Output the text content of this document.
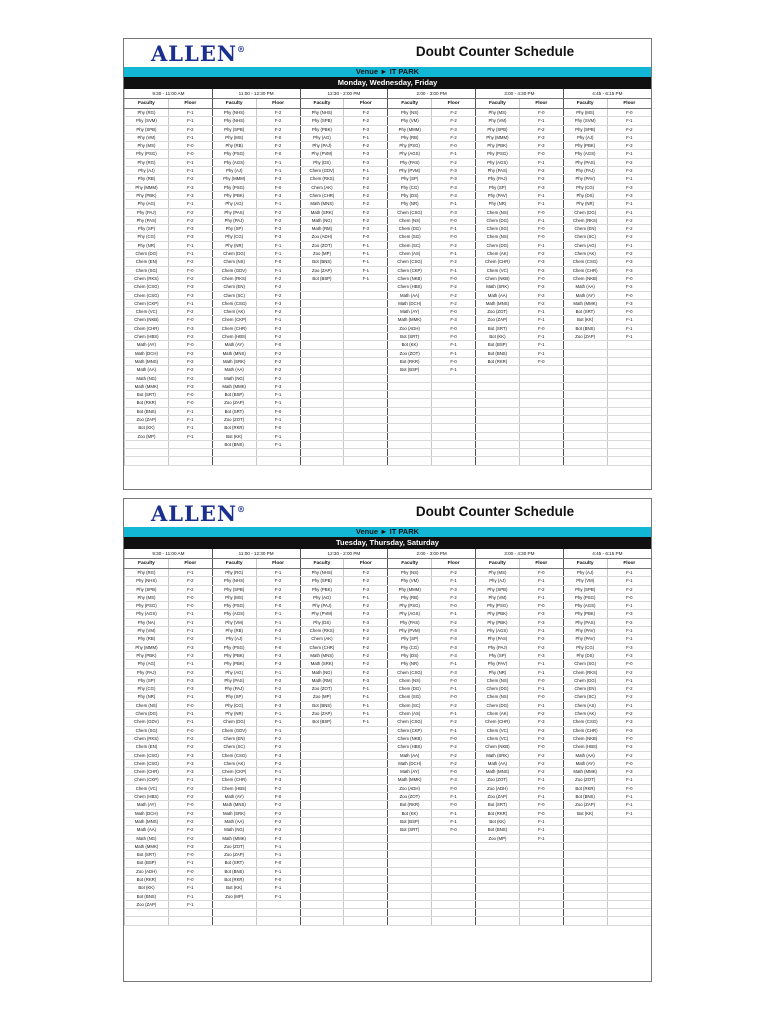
ALLEN®	Doubt Counter Schedule
Venue ► IT PARK
Monday, Wednesday, Friday
9:30 - 11:00 AM		11:00 - 12:30 PM		12:30 - 2:00 PM		2:00 - 3:00 PM		3:00 - 4:30 PM		4:45 - 6:15 PM	
Faculty	Floor	Faculty	Floor	Faculty	Floor	Faculty	Floor	Faculty	Floor	Faculty	Floor
Phy (RG)	F-1	Phy (NHS)	F-2	Phy (NHS)	F-2	Phy (NS)	F-2	Phy (MS)	F-0	Phy (MS)	F-0
Phy (SVM)	F-1	Phy (NHS)	F-2	Phy (SPB)	F-2	Phy (VM)	F-2	Phy (VM)	F-1	Phy (SVM)	F-1
Phy (SPB)	F-2	Phy (SPB)	F-2	Phy (PBK)	F-3	Phy (MMM)	F-3	Phy (SPB)	F-2	Phy (SPB)	F-2
Phy (VM)	F-1	Phy (MS)	F-0	Phy (AG)	F-1	Phy (RB)	F-2	Phy (MMM)	F-3	Phy (AJ)	F-1
Phy (MS)	F-0	Phy (RB)	F-2	Phy (PAJ)	F-2	Phy (PSG)	F-0	Phy (PBK)	F-3	Phy (PBK)	F-3
Phy (PSG)	F-0	Phy (PSG)	F-0	Phy (PVM)	F-3	Phy (AGS)	F-1	Phy (PSG)	F-0	Phy (AGS)	F-1
Phy (RG)	F-1	Phy (AGS)	F-1	Phy (DS)	F-3	Phy (PAS)	F-2	Phy (AGS)	F-1	Phy (PAS)	F-2
Phy (AJ)	F-1	Phy (AJ)	F-1	Chem (GDV)	F-1	Phy (PVM)	F-3	Phy (PAS)	F-2	Phy (PAJ)	F-2
Phy (RB)	F-2	Phy (MMM)	F-3	Chem (RKS)	F-2	Phy (SP)	F-3	Phy (PAJ)	F-2	Phy (PAV)	F-1
Phy (MMM)	F-3	Phy (PSG)	F-0	Chem (AK)	F-2	Phy (CG)	F-3	Phy (SP)	F-3	Phy (CG)	F-3
Phy (PBK)	F-3	Phy (PBK)	F-3	Chem (CHR)	F-2	Phy (DS)	F-3	Phy (PAV)	F-1	Phy (DS)	F-3
Phy (AG)	F-1	Phy (AG)	F-1	Math (MNS)	F-2	Phy (NR)	F-1	Phy (NR)	F-1	Phy (NR)	F-1
Phy (PAJ)	F-2	Phy (PAS)	F-2	Math (SRK)	F-2	Chem (CSG)	F-3	Chem (NS)	F-0	Chem (DG)	F-1
Phy (PAS)	F-2	Phy (PAJ)	F-2	Math (NG)	F-2	Chem (NS)	F-0	Chem (DG)	F-1	Chem (RKS)	F-2
Phy (SP)	F-3	Phy (SP)	F-3	Math (RM)	F-3	Chem (DG)	F-1	Chem (SG)	F-0	Chem (EN)	F-2
Phy (CG)	F-3	Phy (CG)	F-3	Zoo (ADH)	F-0	Chem (SG)	F-0	Chem (NS)	F-0	Chem (SC)	F-2
Phy (NR)	F-1	Phy (NR)	F-1	Zoo (ZOT)	F-1	Chem (SC)	F-2	Chem (DG)	F-1	Chem (AG)	F-1
Chem (DG)	F-1	Chem (DG)	F-1	Zoo (MP)	F-1	Chem (AS)	F-1	Chem (AK)	F-2	Chem (AK)	F-2
Chem (EN)	F-2	Chem (NS)	F-0	Bot (BNS)	F-1	Chem (CSG)	F-2	Chem (CHR)	F-3	Chem (CSG)	F-3
Chem (SG)	F-0	Chem (GDV)	F-1	Zoo (ZAP)	F-1	Chem (CKP)	F-1	Chem (VC)	F-2	Chem (CHR)	F-3
Chem (RKS)	F-2	Chem (RKS)	F-2	Bot (BSP)	F-1	Chem (NKB)	F-0	Chem (NKB)	F-0	Chem (NKB)	F-0
Chem (CSG)	F-3	Chem (EN)	F-2			Chem (HBS)	F-2	Math (SRK)	F-2	Math (AA)	F-2
Chem (CSG)	F-3	Chem (SC)	F-2			Math (AA)	F-2	Math (AA)	F-2	Math (AY)	F-0
Chem (CKP)	F-1	Chem (CSG)	F-3			Math (DCH)	F-2	Math (MNS)	F-2	Math (MMK)	F-3
Chem (VC)	F-2	Chem (AK)	F-2			Math (AY)	F-0	Zoo (ZOT)	F-1	Bot (SRT)	F-0
Chem (NKB)	F-0	Chem (CKP)	F-1			Math (MMK)	F-3	Zoo (ZAP)	F-1	Bot (KK)	F-1
Chem (CHR)	F-3	Chem (CHR)	F-3			Zoo (ADH)	F-0	Bot (SRT)	F-0	Bot (BNS)	F-1
Chem (HBS)	F-2	Chem (HBS)	F-2			Bot (SRT)	F-0	Bot (KK)	F-1	Zoo (ZAP)	F-1
Math (AY)	F-0	Math (AY)	F-0			Bot (KK)	F-1	Bot (BSP)	F-1		
Math (DCH)	F-2	Math (MNS)	F-2			Zoo (ZOT)	F-1	Bot (BNS)	F-1		
Math (MNS)	F-2	Math (SRK)	F-2			Bot (RKR)	F-0	Bot (RKR)	F-0		
Math (AA)	F-2	Math (AA)	F-2			Bot (BSP)	F-1				
Math (NG)	F-2	Math (NG)	F-2								
Math (MMK)	F-3	Math (MMK)	F-3								
Bot (SRT)	F-0	Bot (BSP)	F-1								
Bot (RKR)	F-0	Zoo (ZAP)	F-1								
Bot (BNS)	F-1	Bot (SRT)	F-0								
Zoo (ZAP)	F-1	Zoo (ZOT)	F-1								
Bot (KK)	F-1	Bot (RKR)	F-0								
Zoo (MP)	F-1	Bot (KK)	F-1								
		Bot (BNS)	F-1								

ALLEN®	Doubt Counter Schedule
Venue ► IT PARK
Tuesday, Thursday, Saturday
9:30 - 11:00 AM		11:00 - 12:30 PM		12:30 - 2:00 PM		2:00 - 3:00 PM		3:00 - 4:30 PM		4:45 - 6:15 PM	
Faculty	Floor	Faculty	Floor	Faculty	Floor	Faculty	Floor	Faculty	Floor	Faculty	Floor
Phy (RG)	F-1	Phy (RG)	F-1	Phy (NHS)	F-2	Phy (NS)	F-2	Phy (MS)	F-0	Phy (AJ)	F-1
Phy (NHS)	F-2	Phy (NHS)	F-2	Phy (SPB)	F-2	Phy (VM)	F-1	Phy (AJ)	F-1	Phy (VM)	F-1
Phy (SPB)	F-2	Phy (SPB)	F-2	Phy (PBK)	F-3	Phy (MMM)	F-3	Phy (SPB)	F-2	Phy (SPB)	F-2
Phy (MS)	F-0	Phy (MS)	F-0	Phy (AG)	F-1	Phy (RB)	F-2	Phy (VM)	F-1	Phy (PSG)	F-0
Phy (PSG)	F-0	Phy (PSG)	F-0	Phy (PAJ)	F-2	Phy (PSG)	F-0	Phy (PSG)	F-0	Phy (AGS)	F-1
Phy (AGS)	F-1	Phy (AGS)	F-1	Phy (PVM)	F-3	Phy (AGS)	F-1	Phy (PBK)	F-3	Phy (PBK)	F-3
Phy (NA)	F-1	Phy (VM)	F-1	Phy (DS)	F-3	Phy (PAS)	F-2	Phy (PBK)	F-3	Phy (PAS)	F-2
Phy (VM)	F-1	Phy (RB)	F-2	Chem (RKS)	F-2	Phy (PVM)	F-3	Phy (AGS)	F-1	Phy (PAV)	F-1
Phy (RB)	F-2	Phy (AJ)	F-1	Chem (AK)	F-2	Phy (SP)	F-3	Phy (PAS)	F-2	Phy (PAV)	F-1
Phy (MMM)	F-3	Phy (PSG)	F-0	Chem (CHR)	F-2	Phy (CG)	F-3	Phy (PAJ)	F-2	Phy (CG)	F-3
Phy (PBK)	F-3	Phy (PBK)	F-3	Math (MNS)	F-2	Phy (DS)	F-3	Phy (SP)	F-3	Phy (DS)	F-3
Phy (AG)	F-1	Phy (PBK)	F-3	Math (SRK)	F-2	Phy (NR)	F-1	Phy (PAV)	F-1	Chem (SG)	F-0
Phy (PAJ)	F-2	Phy (AG)	F-1	Math (NG)	F-2	Chem (CSG)	F-3	Phy (NR)	F-1	Chem (RKS)	F-2
Phy (SP)	F-3	Phy (PAS)	F-2	Math (RM)	F-3	Chem (NS)	F-0	Chem (NS)	F-0	Chem (DG)	F-1
Phy (CG)	F-3	Phy (PAJ)	F-2	Zoo (ZOT)	F-1	Chem (DG)	F-1	Chem (DG)	F-1	Chem (EN)	F-2
Phy (NR)	F-1	Phy (SP)	F-3	Zoo (MP)	F-1	Chem (SG)	F-0	Chem (NS)	F-0	Chem (SC)	F-2
Chem (NS)	F-0	Phy (CG)	F-3	Bot (BNS)	F-1	Chem (SC)	F-2	Chem (DG)	F-1	Chem (AS)	F-1
Chem (DG)	F-1	Phy (NR)	F-1	Zoo (ZAP)	F-1	Chem (AS)	F-1	Chem (AK)	F-2	Chem (AK)	F-2
Chem (GDV)	F-1	Chem (DG)	F-1	Bot (BSP)	F-1	Chem (CSG)	F-2	Chem (CHR)	F-3	Chem (CSG)	F-3
Chem (SG)	F-0	Chem (GDV)	F-1			Chem (CKP)	F-1	Chem (VC)	F-2	Chem (CHR)	F-3
Chem (RKS)	F-2	Chem (EN)	F-2			Chem (NKB)	F-0	Chem (VC)	F-2	Chem (NKB)	F-0
Chem (EN)	F-2	Chem (SC)	F-2			Chem (HBS)	F-2	Chem (NKB)	F-0	Chem (HBS)	F-2
Chem (CSG)	F-3	Chem (CSG)	F-3			Math (AA)	F-2	Math (SRK)	F-2	Math (AA)	F-2
Chem (CSG)	F-3	Chem (AK)	F-2			Math (DCH)	F-2	Math (AA)	F-2	Math (AY)	F-0
Chem (CHR)	F-3	Chem (CKP)	F-1			Math (AY)	F-0	Math (MNS)	F-2	Math (MMK)	F-3
Chem (CKP)	F-1	Chem (CHR)	F-3			Math (MMK)	F-3	Zoo (ZOT)	F-1	Zoo (ZOT)	F-1
Chem (VC)	F-2	Chem (HBS)	F-2			Zoo (ADH)	F-0	Zoo (ADH)	F-0	Bot (RKR)	F-0
Chem (HBS)	F-2	Math (AY)	F-0			Zoo (ZOT)	F-1	Zoo (ZAP)	F-1	Bot (BNS)	F-1
Math (AY)	F-0	Math (MNS)	F-2			Bot (RKR)	F-0	Bot (SRT)	F-0	Zoo (ZAP)	F-1
Math (DCH)	F-2	Math (SRK)	F-2			Bot (KK)	F-1	Bot (RKR)	F-0	Bot (KK)	F-1
Math (MNS)	F-2	Math (AA)	F-2			Bot (BSP)	F-1	Bot (KK)	F-1		
Math (AA)	F-2	Math (NG)	F-2			Bot (SRT)	F-0	Bot (BNS)	F-1		
Math (NG)	F-2	Math (MMK)	F-3					Zoo (MP)	F-1		
Math (MMK)	F-3	Zoo (ZOT)	F-1								
Bot (SRT)	F-0	Zoo (ZAP)	F-1								
Bot (BSP)	F-1	Bot (SRT)	F-0								
Zoo (ADH)	F-0	Bot (BNS)	F-1								
Bot (RKR)	F-0	Bot (RKR)	F-0								
Bot (KK)	F-1	Bot (KK)	F-1								
Bot (BNS)	F-1	Zoo (MP)	F-1								
Zoo (ZAP)	F-1										
